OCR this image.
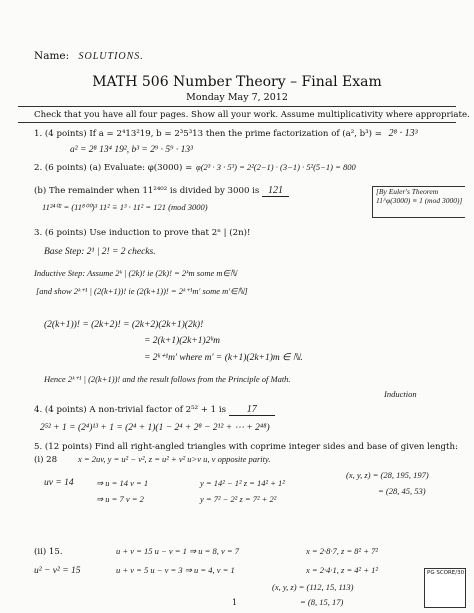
Name: SOLUTIONS.
MATH 506 Number Theory – Final Exam
Monday May 7, 2012
Check that you have all four pages. Show all your work. Assume multiplicativity where appropriate.
1. (4 points) If a = 2⁴13²19, b = 2³5³13 then the prime factorization of (a², b³) = 2⁸ · 13³
a² = 2⁸ 13⁴ 19², b³ = 2⁹ · 5⁹ · 13³
2. (6 points) (a) Evaluate: φ(3000) = φ(2³ · 3 · 5³) = 2²(2−1) · (3−1) · 5²(5−1) = 800
(b) The remainder when 11²⁴⁰² is divided by 3000 is 121
11²⁴⁰² = (11⁸⁰⁰)³ 11² ≡ 1³ · 11² = 121 (mod 3000)
[By Euler's Theorem
11^φ(3000) ≡ 1 (mod 3000)]
3. (6 points) Use induction to prove that 2ⁿ | (2n)!
Base Step: 2¹ | 2! = 2 checks.
Inductive Step: Assume 2ᵏ | (2k)! ie (2k)! = 2ᵏm some m∈ℕ
[and show 2ᵏ⁺¹ | (2(k+1))! ie (2(k+1))! = 2ᵏ⁺¹m′ some m′∈ℕ]
(2(k+1))! = (2k+2)! = (2k+2)(2k+1)(2k)!
= 2(k+1)(2k+1)2ᵏm
= 2ᵏ⁺¹m′ where m′ = (k+1)(2k+1)m ∈ ℕ.
Hence 2ᵏ⁺¹ | (2(k+1))! and the result follows from the Principle of Math.
Induction
4. (4 points) A non-trivial factor of 2⁵² + 1 is 17
2⁵² + 1 = (2⁴)¹³ + 1 = (2⁴ + 1)(1 − 2⁴ + 2⁸ − 2¹² + ⋯ + 2⁴⁸)
5. (12 points) Find all right-angled triangles with coprime integer sides and base of given length:
(i) 28 x = 2uv, y = u² − v², z = u² + v² u>v u, v opposite parity.
uv = 14	⇒ u = 14 v = 1	y = 14² − 1² z = 14² + 1²
⇒ u = 7 v = 2	y = 7² − 2² z = 7² + 2²
(x, y, z) = (28, 195, 197)
= (28, 45, 53)
(ii) 15.
u² − v² = 15
u + v = 15 u − v = 1 ⇒ u = 8, v = 7
u + v = 5 u − v = 3 ⇒ u = 4, v = 1
x = 2·8·7, z = 8² + 7²
x = 2·4·1, z = 4² + 1²
(x, y, z) = (112, 15, 113)
= (8, 15, 17)
1
PG SCORE/30
